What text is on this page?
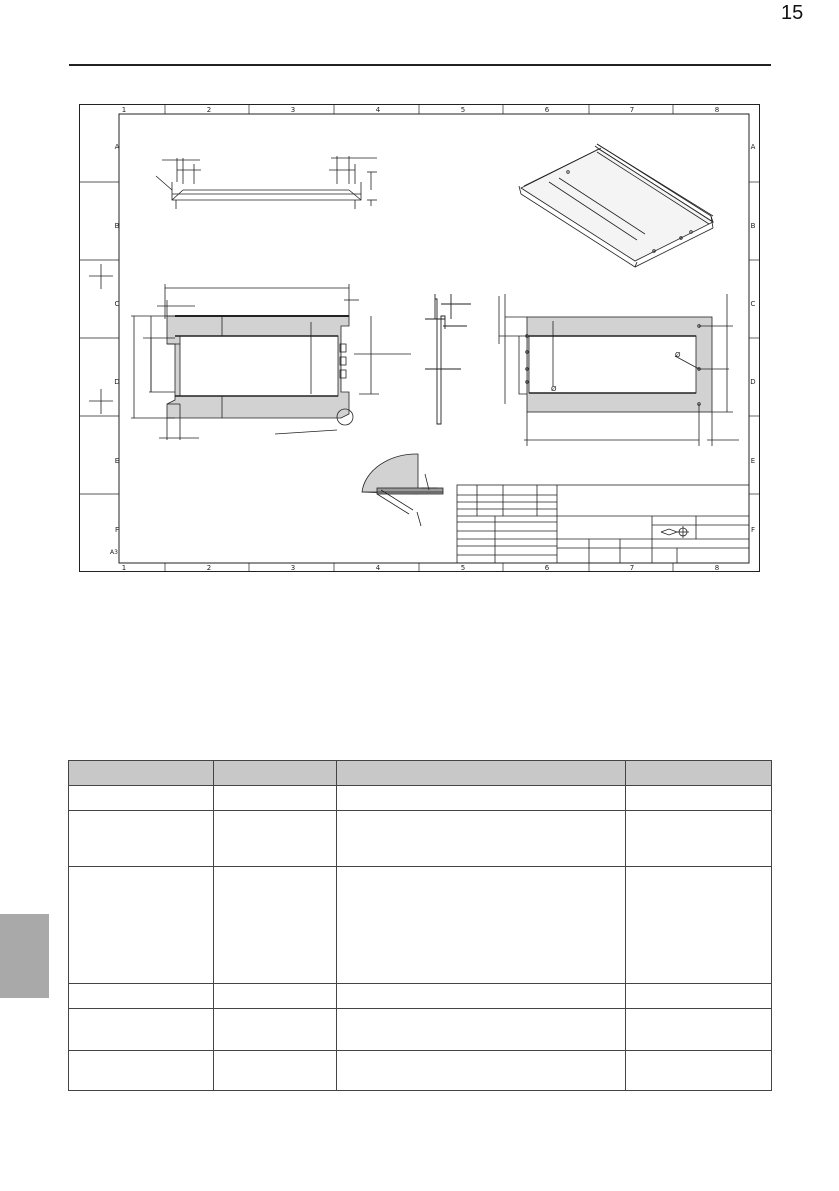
15
1	2	3	4	5	6	7	8
1	2	3	4	5	6	7	8
A
B
C
D
E
F
A
B
C
D
E
F
A3
Ø
Ø
